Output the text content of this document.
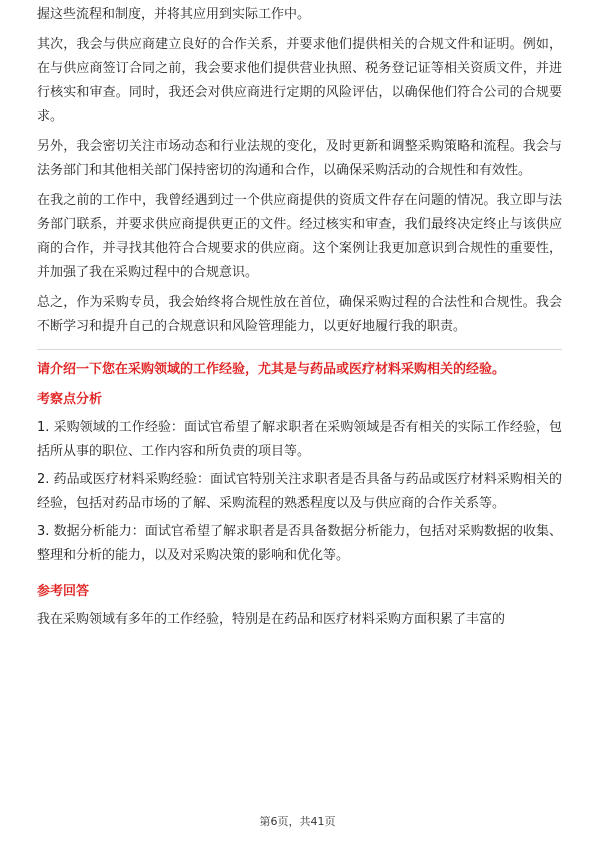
握这些流程和制度，并将其应用到实际工作中。

其次，我会与供应商建立良好的合作关系，并要求他们提供相关的合规文件和证明。例如，在与供应商签订合同之前，我会要求他们提供营业执照、税务登记证等相关资质文件，并进行核实和审查。同时，我还会对供应商进行定期的风险评估，以确保他们符合公司的合规要求。

另外，我会密切关注市场动态和行业法规的变化，及时更新和调整采购策略和流程。我会与法务部门和其他相关部门保持密切的沟通和合作，以确保采购活动的合规性和有效性。

在我之前的工作中，我曾经遇到过一个供应商提供的资质文件存在问题的情况。我立即与法务部门联系，并要求供应商提供更正的文件。经过核实和审查，我们最终决定终止与该供应商的合作，并寻找其他符合合规要求的供应商。这个案例让我更加意识到合规性的重要性，并加强了我在采购过程中的合规意识。

总之，作为采购专员，我会始终将合规性放在首位，确保采购过程的合法性和合规性。我会不断学习和提升自己的合规意识和风险管理能力，以更好地履行我的职责。

请介绍一下您在采购领域的工作经验，尤其是与药品或医疗材料采购相关的经验。

考察点分析

1. 采购领域的工作经验：面试官希望了解求职者在采购领域是否有相关的实际工作经验，包括所从事的职位、工作内容和所负责的项目等。

2. 药品或医疗材料采购经验：面试官特别关注求职者是否具备与药品或医疗材料采购相关的经验，包括对药品市场的了解、采购流程的熟悉程度以及与供应商的合作关系等。

3. 数据分析能力：面试官希望了解求职者是否具备数据分析能力，包括对采购数据的收集、整理和分析的能力，以及对采购决策的影响和优化等。

参考回答

我在采购领域有多年的工作经验，特别是在药品和医疗材料采购方面积累了丰富的

第6页，共41页
